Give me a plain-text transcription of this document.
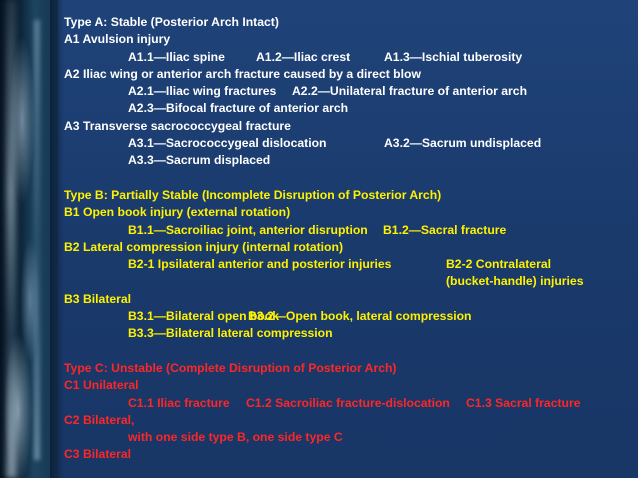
Type A: Stable (Posterior Arch Intact)
A1 Avulsion injury
A1.1—Iliac spine	A1.2—Iliac crest	A1.3—Ischial tuberosity
A2 Iliac wing or anterior arch fracture caused by a direct blow
A2.1—Iliac wing fractures A2.2—Unilateral fracture of anterior arch
A2.3—Bifocal fracture of anterior arch
A3 Transverse sacrococcygeal fracture
A3.1—Sacrococcygeal dislocation	A3.2—Sacrum undisplaced
A3.3—Sacrum displaced
Type B: Partially Stable (Incomplete Disruption of Posterior Arch)
B1 Open book injury (external rotation)
B1.1—Sacroiliac joint, anterior disruption B1.2—Sacral fracture
B2 Lateral compression injury (internal rotation)
B2-1 Ipsilateral anterior and posterior injuries	B2-2 Contralateral
(bucket-handle) injuries
B3 Bilateral
B3.1—Bilateral open bookB3.2—Open book, lateral compression
B3.3—Bilateral lateral compression
Type C: Unstable (Complete Disruption of Posterior Arch)
C1 Unilateral
C1.1 Iliac fracture C1.2 Sacroiliac fracture-dislocation C1.3 Sacral fracture
C2 Bilateral,
with one side type B, one side type C
C3 Bilateral
